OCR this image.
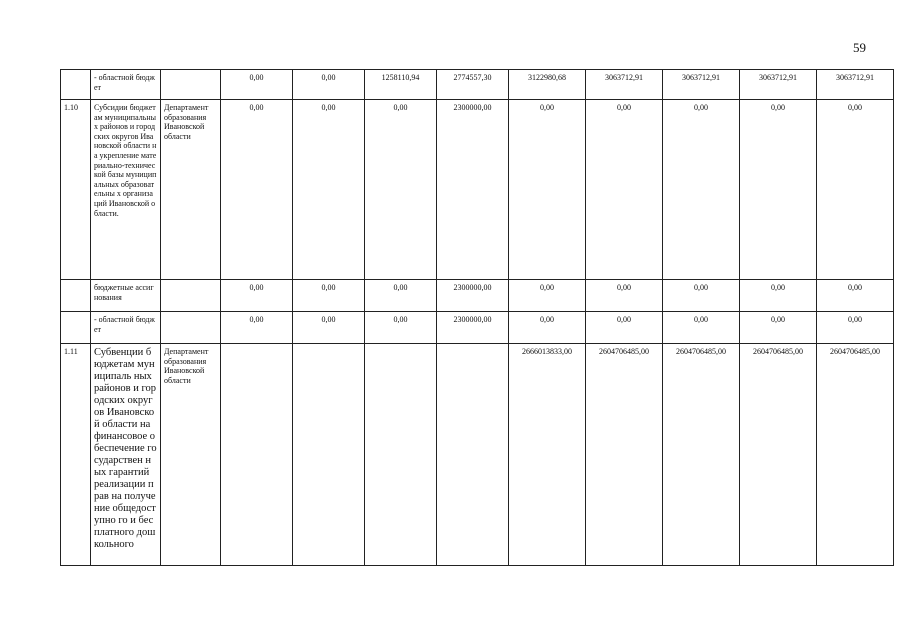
59
	- областной бюджет		0,00	0,00	1258110,94	2774557,30	3122980,68	3063712,91	3063712,91	3063712,91	3063712,91
1.10	Субсидии бюджетам муниципальных районов и городских округов Ивановской области на укрепление материально-технической базы муниципальных образовательны х организаций Ивановской области.	Департамент образования Ивановской области	0,00	0,00	0,00	2300000,00	0,00	0,00	0,00	0,00	0,00
	бюджетные ассигнования		0,00	0,00	0,00	2300000,00	0,00	0,00	0,00	0,00	0,00
	- областной бюджет		0,00	0,00	0,00	2300000,00	0,00	0,00	0,00	0,00	0,00
1.11	Субвенции бюджетам муниципаль ных районов и городских округов Ивановской области на финансовое обеспечение государствен ных гарантий реализации прав на получение общедоступно го и бесплатного дошкольного	Департамент образования Ивановской области					2666013833,00	2604706485,00	2604706485,00	2604706485,00	2604706485,00
